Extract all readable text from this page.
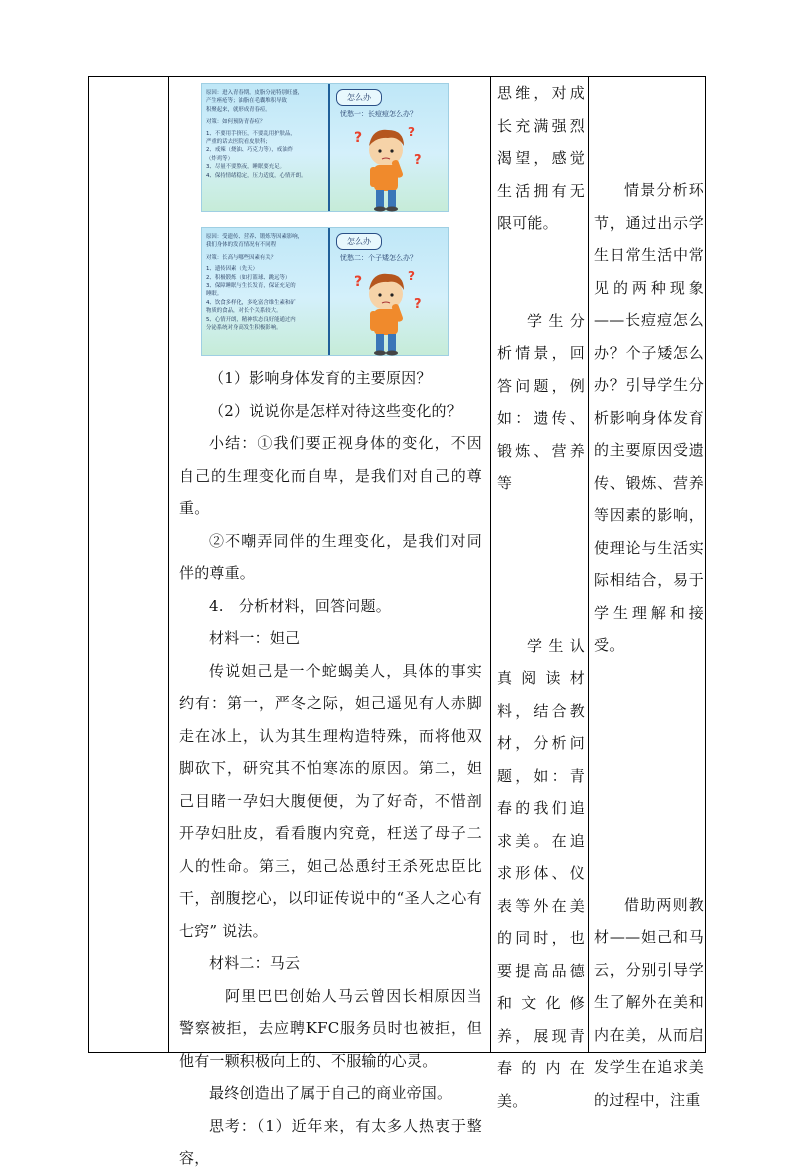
原因：进入青春期，皮脂分泌特别旺盛，
产生痤疮等；油脂在毛囊堆积导致
积聚起来，就形成青春痘。
对策：如何预防青春痘？
1、不要用手挤压，不要乱用护肤品，
严重的话去医院看皮肤科；
2、戒辣（烧油、巧克力等），戒油炸
（炸鸡等）
3、尽量不要熬夜，睡眠要充足。
4、保持情绪稳定，压力适度，心情开朗。
怎么办
忧愁一：长痘痘怎么办？
?	?
?
原因：受遗传、营养、锻炼等因素影响，
我们身体的发育情况有不同程
对策：长高与哪些因素有关？
1、遗传因素（先天）
2、积极锻炼（如打篮球、跳远等）
3、保障睡眠与生长发育，保证充足的
睡眠。
4、饮食多样化，多吃富含维生素和矿
物质的食品，对长个关系较大。
5、心情开朗，精神状态良好能通过内
分泌系统对身高发生积极影响。
怎么办
忧愁二：个子矮怎么办？
?	?
?

（1）影响身体发育的主要原因？

（2）说说你是怎样对待这些变化的？

小结：①我们要正视身体的变化，不因自己的生理变化而自卑，是我们对自己的尊重。

②不嘲弄同伴的生理变化，是我们对同伴的尊重。

4.　分析材料，回答问题。

材料一：妲己

传说妲己是一个蛇蝎美人，具体的事实约有：第一，严冬之际，妲己遥见有人赤脚走在冰上，认为其生理构造特殊，而将他双脚砍下，研究其不怕寒冻的原因。第二，妲己目睹一孕妇大腹便便，为了好奇，不惜剖开孕妇肚皮，看看腹内究竟，枉送了母子二人的性命。第三，妲己怂恿纣王杀死忠臣比干，剖腹挖心，以印证传说中的“圣人之心有七窍” 说法。

材料二：马云

阿里巴巴创始人马云曾因长相原因当警察被拒，去应聘KFC服务员时也被拒，但他有一颗积极向上的、不服输的心灵。

最终创造出了属于自己的商业帝国。

思考：（1）近年来，有太多人热衷于整容，

思维，对成长充满强烈渴望，感觉生活拥有无限可能。

学生分析情景，回答问题，例如：遗传、锻炼、营养等

学生认真阅读材料，结合教材，分析问题，如：青春的我们追求美。在追求形体、仪表等外在美的同时，也要提高品德和文化修养，展现青春的内在美。

情景分析环节，通过出示学生日常生活中常见的两种现象——长痘痘怎么办？个子矮怎么办？引导学生分析影响身体发育的主要原因受遗传、锻炼、营养等因素的影响，使理论与生活实际相结合，易于学生理解和接受。

借助两则教材——妲己和马云，分别引导学生了解外在美和内在美，从而启发学生在追求美的过程中，注重
